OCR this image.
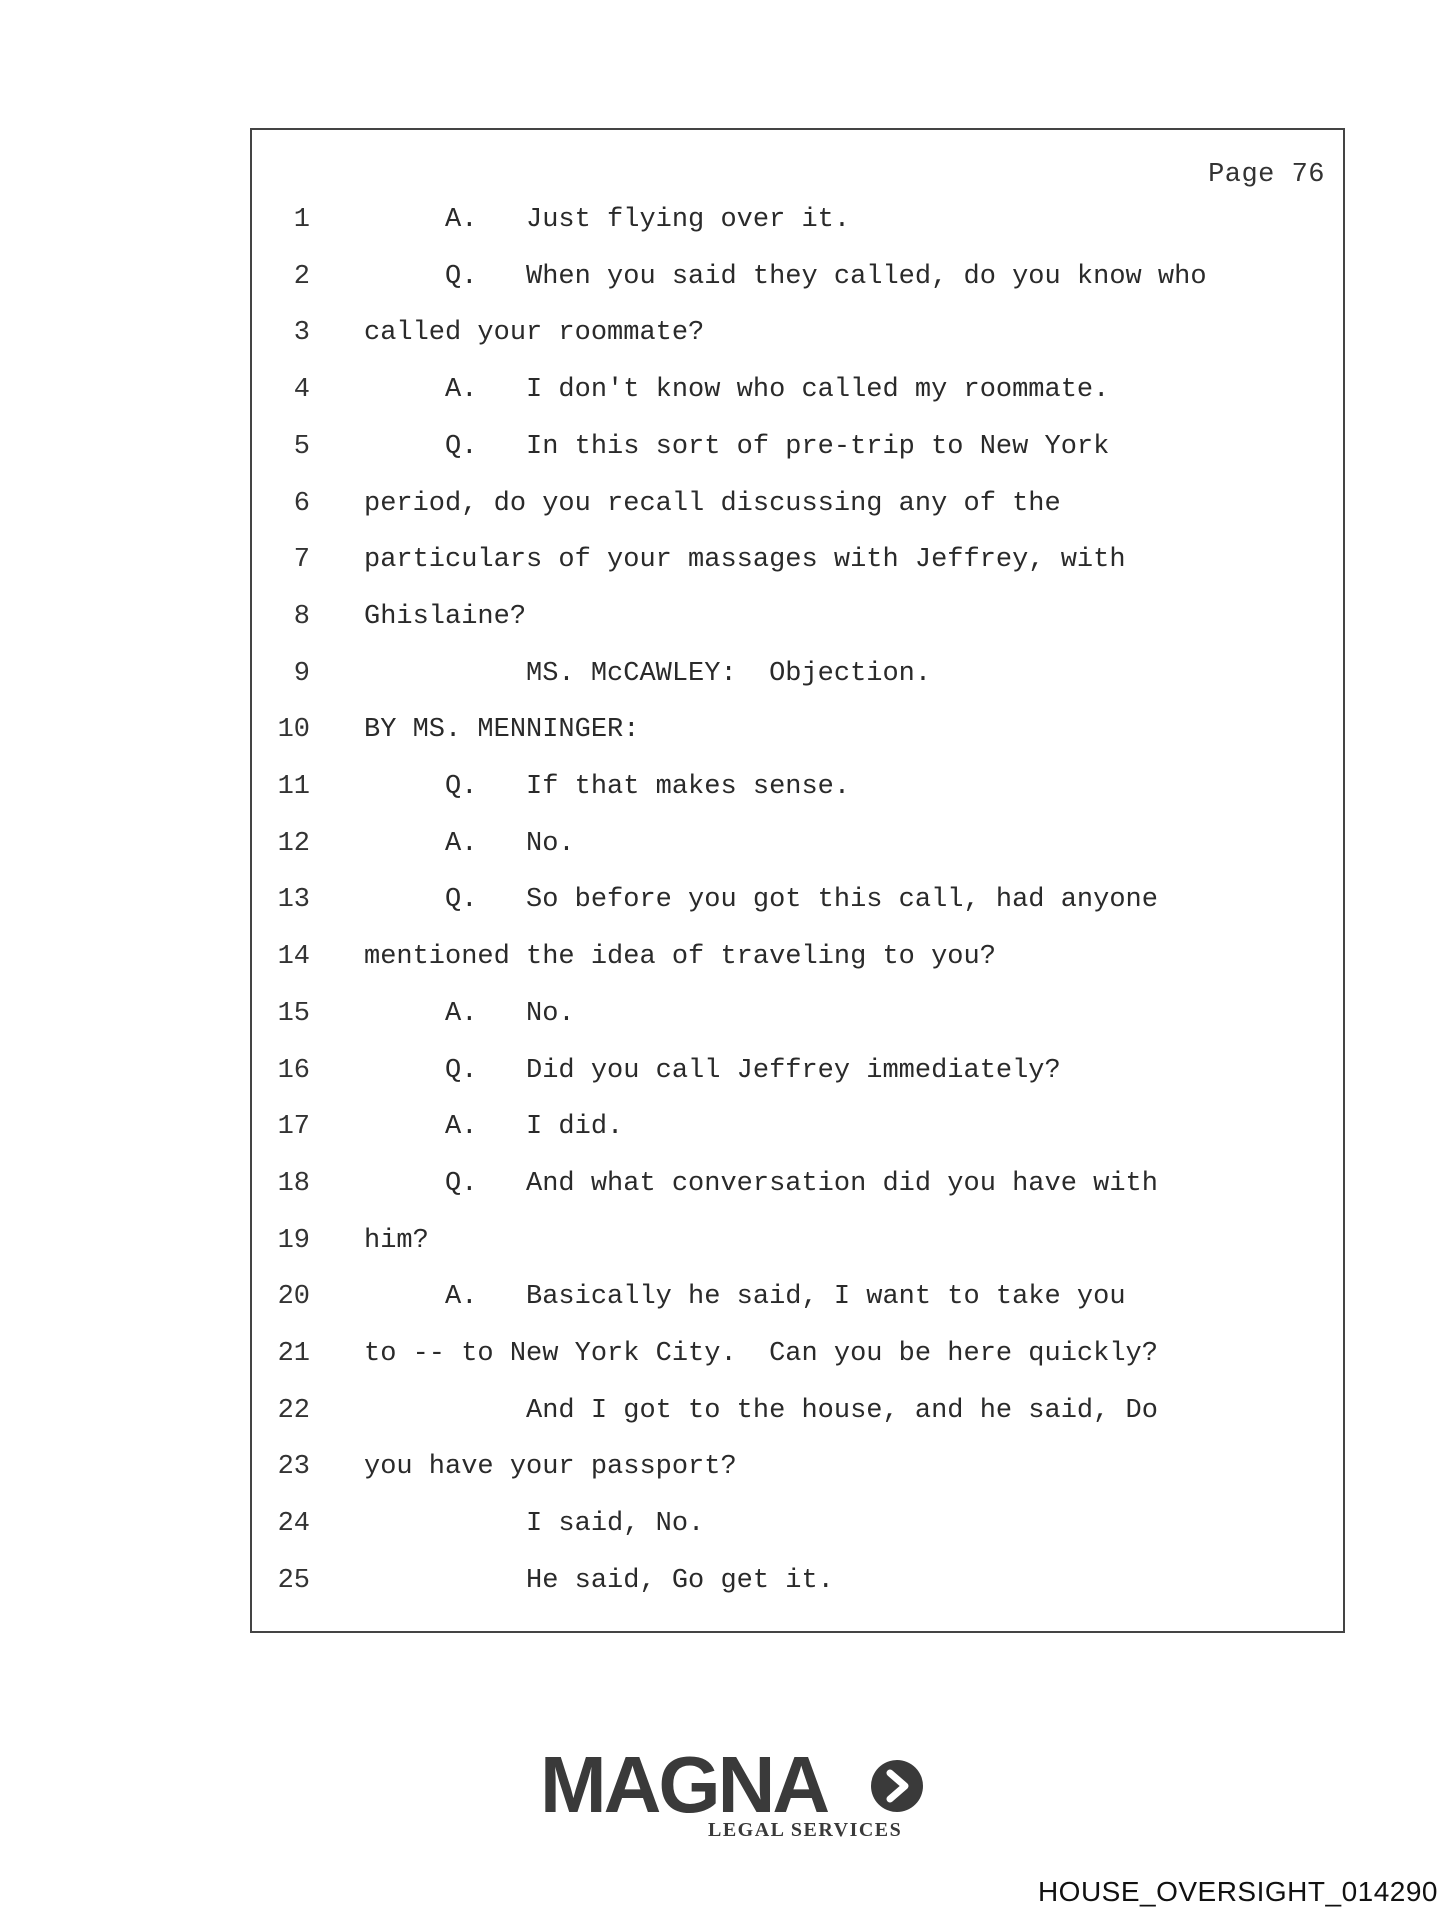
Page 76
1 A.   Just flying over it.
2 Q.   When you said they called, do you know who
3 called your roommate?
4 A.   I don't know who called my roommate.
5 Q.   In this sort of pre-trip to New York
6 period, do you recall discussing any of the
7 particulars of your massages with Jeffrey, with
8 Ghislaine?
9 MS. McCAWLEY:  Objection.
10 BY MS. MENNINGER:
11 Q.   If that makes sense.
12 A.   No.
13 Q.   So before you got this call, had anyone
14 mentioned the idea of traveling to you?
15 A.   No.
16 Q.   Did you call Jeffrey immediately?
17 A.   I did.
18 Q.   And what conversation did you have with
19 him?
20 A.   Basically he said, I want to take you
21 to -- to New York City.  Can you be here quickly?
22 And I got to the house, and he said, Do
23 you have your passport?
24 I said, No.
25 He said, Go get it.
MAGNA
LEGAL SERVICES
HOUSE_OVERSIGHT_014290
